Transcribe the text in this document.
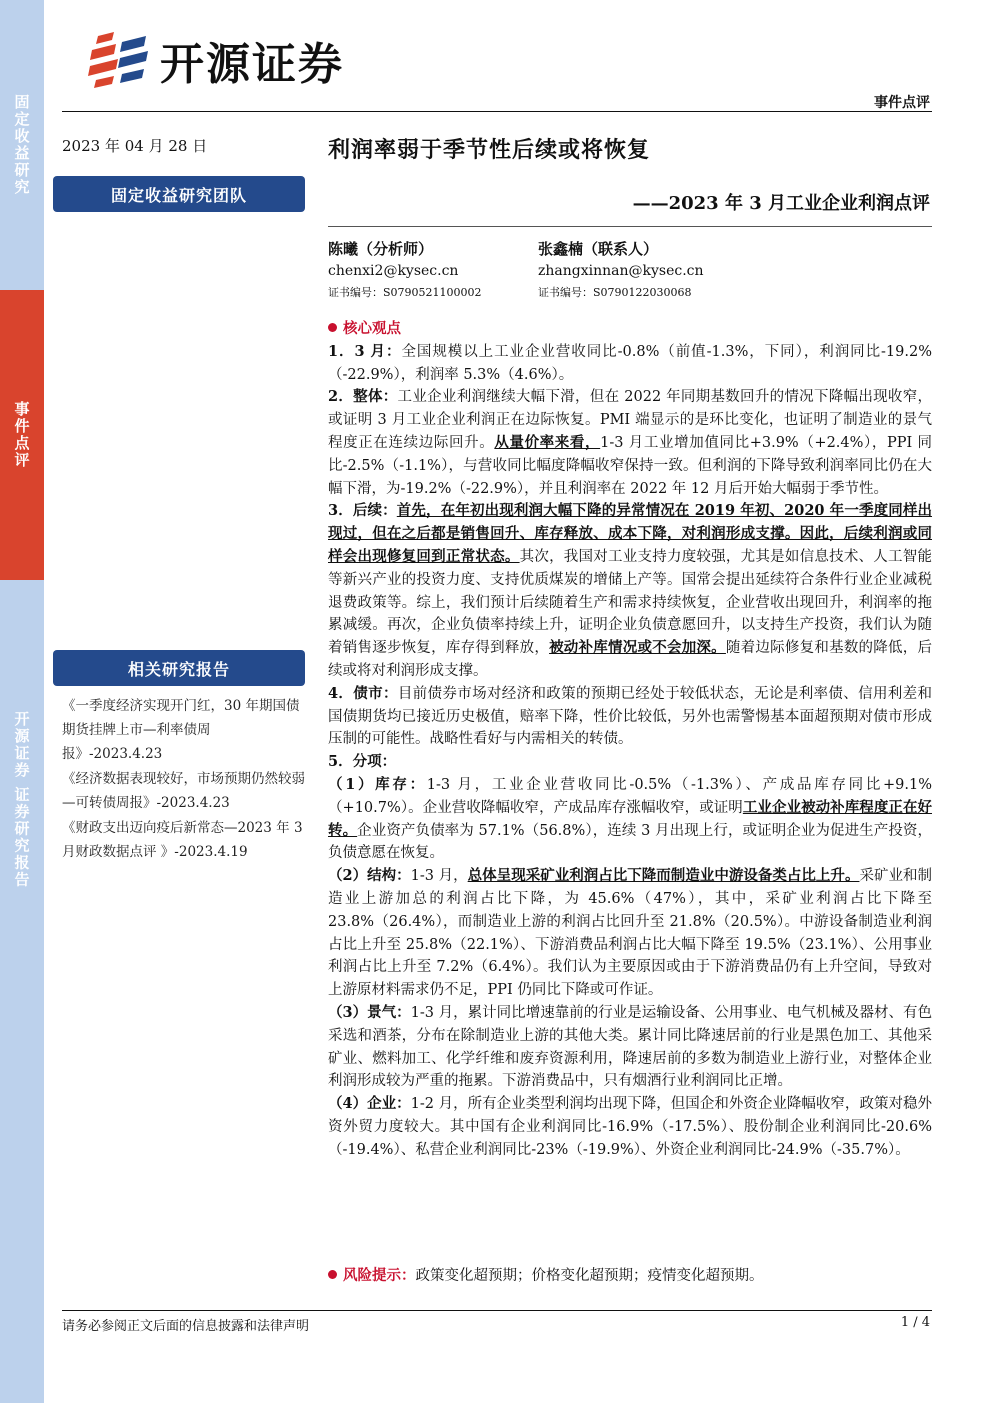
固定收益研究
事件点评
开源证券 证券研究报告
开源证券
事件点评
2023 年 04 月 28 日
固定收益研究团队
相关研究报告
《一季度经济实现开门红，30 年期国债期货挂牌上市—利率债周报》-2023.4.23
《经济数据表现较好，市场预期仍然较弱—可转债周报》-2023.4.23
《财政支出迈向疫后新常态—2023 年 3 月财政数据点评 》-2023.4.19
利润率弱于季节性后续或将恢复
——2023 年 3 月工业企业利润点评
陈曦（分析师）
chenxi2@kysec.cn
证书编号：S0790521100002
张鑫楠（联系人）
zhangxinnan@kysec.cn
证书编号：S0790122030068

核心观点

1．3 月：全国规模以上工业企业营收同比-0.8%（前值-1.3%，下同），利润同比-19.2%（-22.9%），利润率 5.3%（4.6%）。

2．整体：工业企业利润继续大幅下滑，但在 2022 年同期基数回升的情况下降幅出现收窄，或证明 3 月工业企业利润正在边际恢复。PMI 端显示的是环比变化，也证明了制造业的景气程度正在连续边际回升。从量价率来看，1-3 月工业增加值同比+3.9%（+2.4%），PPI 同比-2.5%（-1.1%），与营收同比幅度降幅收窄保持一致。但利润的下降导致利润率同比仍在大幅下滑，为-19.2%（-22.9%），并且利润率在 2022 年 12 月后开始大幅弱于季节性。

3．后续：首先，在年初出现利润大幅下降的异常情况在 2019 年初、2020 年一季度同样出现过，但在之后都是销售回升、库存释放、成本下降，对利润形成支撑。因此，后续利润或同样会出现修复回到正常状态。其次，我国对工业支持力度较强，尤其是如信息技术、人工智能等新兴产业的投资力度、支持优质煤炭的增储上产等。国常会提出延续符合条件行业企业减税退费政策等。综上，我们预计后续随着生产和需求持续恢复，企业营收出现回升，利润率的拖累减缓。再次，企业负债率持续上升，证明企业负债意愿回升，以支持生产投资，我们认为随着销售逐步恢复，库存得到释放，被动补库情况或不会加深。随着边际修复和基数的降低，后续或将对利润形成支撑。

4．债市：目前债券市场对经济和政策的预期已经处于较低状态，无论是利率债、信用利差和国债期货均已接近历史极值，赔率下降，性价比较低，另外也需警惕基本面超预期对债市形成压制的可能性。战略性看好与内需相关的转债。

5．分项：

（1）库存：1-3 月，工业企业营收同比-0.5%（-1.3%）、产成品库存同比+9.1%（+10.7%）。企业营收降幅收窄，产成品库存涨幅收窄，或证明工业企业被动补库程度正在好转。企业资产负债率为 57.1%（56.8%），连续 3 月出现上行，或证明企业为促进生产投资，负债意愿在恢复。

（2）结构：1-3 月，总体呈现采矿业利润占比下降而制造业中游设备类占比上升。采矿业和制造业上游加总的利润占比下降，为 45.6%（47%），其中，采矿业利润占比下降至 23.8%（26.4%），而制造业上游的利润占比回升至 21.8%（20.5%）。中游设备制造业利润占比上升至 25.8%（22.1%）、下游消费品利润占比大幅下降至 19.5%（23.1%）、公用事业利润占比上升至 7.2%（6.4%）。我们认为主要原因或由于下游消费品仍有上升空间，导致对上游原材料需求仍不足，PPI 仍同比下降或可作证。

（3）景气：1-3 月，累计同比增速靠前的行业是运输设备、公用事业、电气机械及器材、有色采选和酒茶，分布在除制造业上游的其他大类。累计同比降速居前的行业是黑色加工、其他采矿业、燃料加工、化学纤维和废弃资源利用，降速居前的多数为制造业上游行业，对整体企业利润形成较为严重的拖累。下游消费品中，只有烟酒行业利润同比正增。

（4）企业：1-2 月，所有企业类型利润均出现下降，但国企和外资企业降幅收窄，政策对稳外资外贸力度较大。其中国有企业利润同比-16.9%（-17.5%）、股份制企业利润同比-20.6%（-19.4%）、私营企业利润同比-23%（-19.9%）、外资企业利润同比-24.9%（-35.7%）。

风险提示：政策变化超预期；价格变化超预期；疫情变化超预期。
请务必参阅正文后面的信息披露和法律声明	1 / 4
